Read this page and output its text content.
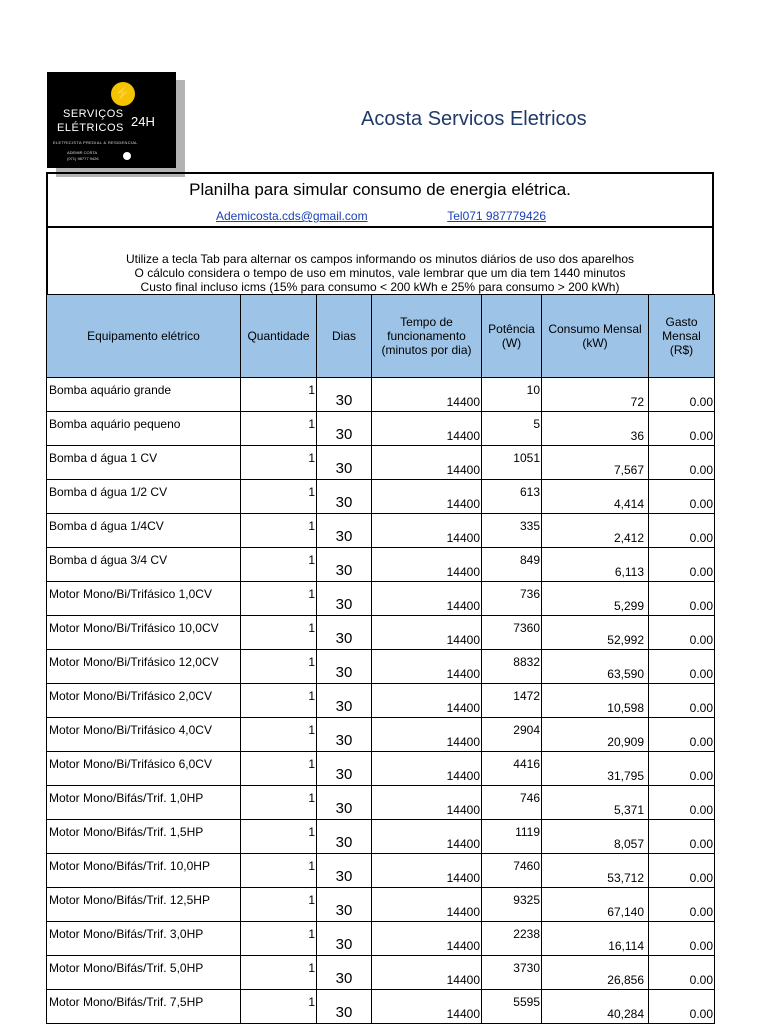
⚡
SERVIÇOS
ELÉTRICOS 24H
ELETRICISTA PREDIAL & RESIDENCIAL
ADEMIR COSTA
(071) 98777 9426
Acosta Servicos Eletricos
Planilha para simular consumo de energia elétrica.
Ademicosta.cds@gmail.com	Tel071 987779426
Utilize a tecla Tab para alternar os campos informando os minutos diários de uso dos aparelhos
O cálculo considera o tempo de uso em minutos, vale lembrar que um dia tem 1440 minutos
Custo final incluso icms (15% para consumo < 200 kWh e 25% para consumo > 200 kWh)
Equipamento elétrico	Quantidade	Dias	Tempo de funcionamento (minutos por dia)	Potência (W)	Consumo Mensal (kW)	Gasto Mensal (R$)
Bomba aquário grande	1	30	14400	10	72	0.00
Bomba aquário pequeno	1	30	14400	5	36	0.00
Bomba d água 1 CV	1	30	14400	1051	7,567	0.00
Bomba d água 1/2 CV	1	30	14400	613	4,414	0.00
Bomba d água 1/4CV	1	30	14400	335	2,412	0.00
Bomba d água 3/4 CV	1	30	14400	849	6,113	0.00
Motor Mono/Bi/Trifásico 1,0CV	1	30	14400	736	5,299	0.00
Motor Mono/Bi/Trifásico 10,0CV	1	30	14400	7360	52,992	0.00
Motor Mono/Bi/Trifásico 12,0CV	1	30	14400	8832	63,590	0.00
Motor Mono/Bi/Trifásico 2,0CV	1	30	14400	1472	10,598	0.00
Motor Mono/Bi/Trifásico 4,0CV	1	30	14400	2904	20,909	0.00
Motor Mono/Bi/Trifásico 6,0CV	1	30	14400	4416	31,795	0.00
Motor Mono/Bifás/Trif. 1,0HP	1	30	14400	746	5,371	0.00
Motor Mono/Bifás/Trif. 1,5HP	1	30	14400	1119	8,057	0.00
Motor Mono/Bifás/Trif. 10,0HP	1	30	14400	7460	53,712	0.00
Motor Mono/Bifás/Trif. 12,5HP	1	30	14400	9325	67,140	0.00
Motor Mono/Bifás/Trif. 3,0HP	1	30	14400	2238	16,114	0.00
Motor Mono/Bifás/Trif. 5,0HP	1	30	14400	3730	26,856	0.00
Motor Mono/Bifás/Trif. 7,5HP	1	30	14400	5595	40,284	0.00
